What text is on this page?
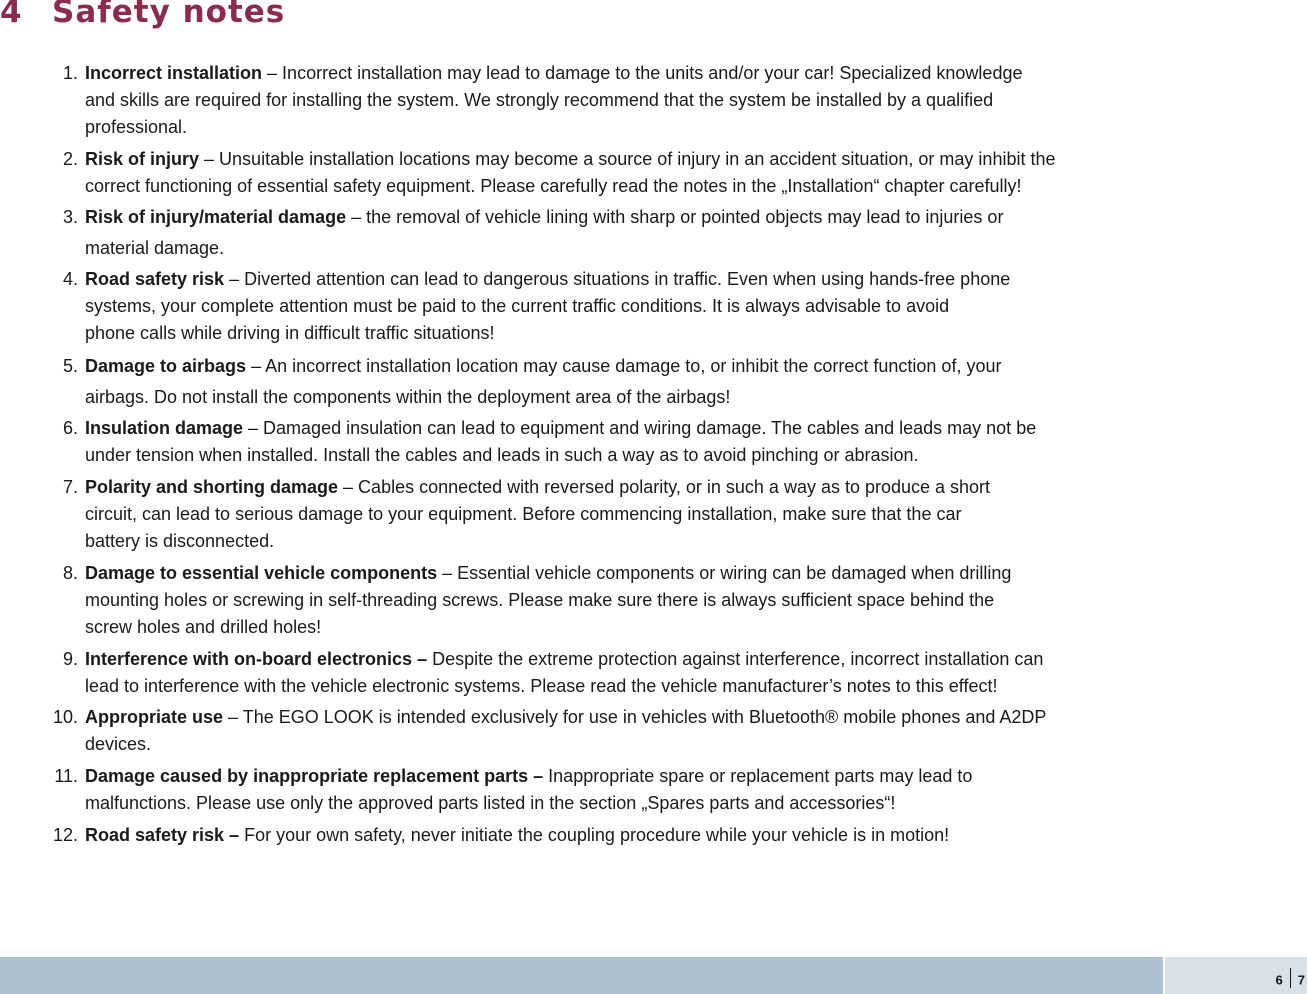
4 Safety notes
1. Incorrect installation – Incorrect installation may lead to damage to the units and/or your car! Specialized knowledge
and skills are required for installing the system. We strongly recommend that the system be installed by a qualified
professional.
2. Risk of injury – Unsuitable installation locations may become a source of injury in an accident situation, or may inhibit the
correct functioning of essential safety equipment. Please carefully read the notes in the „Installation“ chapter carefully!
3. Risk of injury/material damage – the removal of vehicle lining with sharp or pointed objects may lead to injuries or
material damage.
4. Road safety risk – Diverted attention can lead to dangerous situations in traffic. Even when using hands-free phone
systems, your complete attention must be paid to the current traffic conditions. It is always advisable to avoid
phone calls while driving in difficult traffic situations!
5. Damage to airbags – An incorrect installation location may cause damage to, or inhibit the correct function of, your
airbags. Do not install the components within the deployment area of the airbags!
6. Insulation damage – Damaged insulation can lead to equipment and wiring damage. The cables and leads may not be
under tension when installed. Install the cables and leads in such a way as to avoid pinching or abrasion.
7. Polarity and shorting damage – Cables connected with reversed polarity, or in such a way as to produce a short
circuit, can lead to serious damage to your equipment. Before commencing installation, make sure that the car
battery is disconnected.
8. Damage to essential vehicle components – Essential vehicle components or wiring can be damaged when drilling
mounting holes or screwing in self-threading screws. Please make sure there is always sufficient space behind the
screw holes and drilled holes!
9. Interference with on-board electronics – Despite the extreme protection against interference, incorrect installation can
lead to interference with the vehicle electronic systems. Please read the vehicle manufacturer’s notes to this effect!
10. Appropriate use – The EGO LOOK is intended exclusively for use in vehicles with Bluetooth® mobile phones and A2DP
devices.
11. Damage caused by inappropriate replacement parts – Inappropriate spare or replacement parts may lead to
malfunctions. Please use only the approved parts listed in the section „Spares parts and accessories“!
12. Road safety risk – For your own safety, never initiate the coupling procedure while your vehicle is in motion!
6 7
